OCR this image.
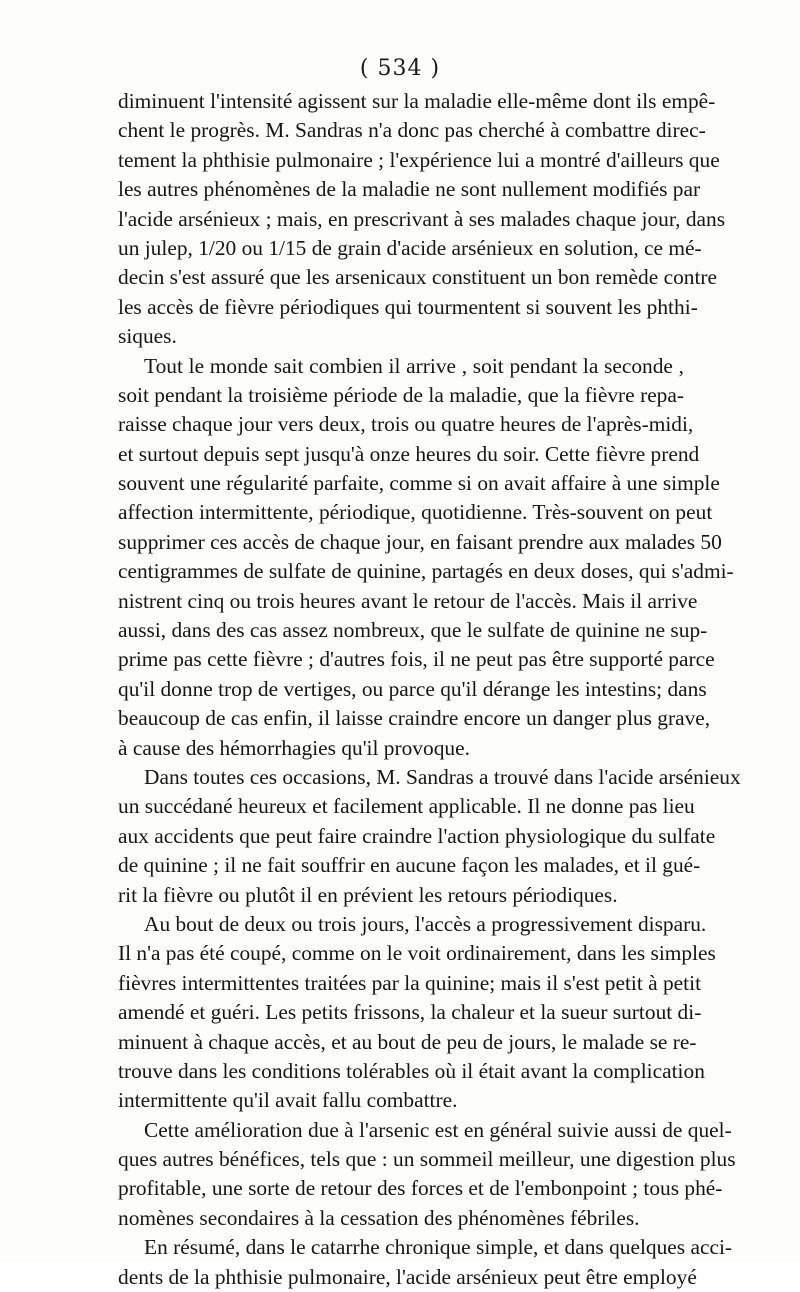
( 534 )
diminuent l'intensité agissent sur la maladie elle-même dont ils empê-
chent le progrès. M. Sandras n'a donc pas cherché à combattre direc-
tement la phthisie pulmonaire ; l'expérience lui a montré d'ailleurs que
les autres phénomènes de la maladie ne sont nullement modifiés par
l'acide arsénieux ; mais, en prescrivant à ses malades chaque jour, dans
un julep, 1/20 ou 1/15 de grain d'acide arsénieux en solution, ce mé-
decin s'est assuré que les arsenicaux constituent un bon remède contre
les accès de fièvre périodiques qui tourmentent si souvent les phthi-
siques.
Tout le monde sait combien il arrive , soit pendant la seconde ,
soit pendant la troisième période de la maladie, que la fièvre repa-
raisse chaque jour vers deux, trois ou quatre heures de l'après-midi,
et surtout depuis sept jusqu'à onze heures du soir. Cette fièvre prend
souvent une régularité parfaite, comme si on avait affaire à une simple
affection intermittente, périodique, quotidienne. Très-souvent on peut
supprimer ces accès de chaque jour, en faisant prendre aux malades 50
centigrammes de sulfate de quinine, partagés en deux doses, qui s'admi-
nistrent cinq ou trois heures avant le retour de l'accès. Mais il arrive
aussi, dans des cas assez nombreux, que le sulfate de quinine ne sup-
prime pas cette fièvre ; d'autres fois, il ne peut pas être supporté parce
qu'il donne trop de vertiges, ou parce qu'il dérange les intestins; dans
beaucoup de cas enfin, il laisse craindre encore un danger plus grave,
à cause des hémorrhagies qu'il provoque.
Dans toutes ces occasions, M. Sandras a trouvé dans l'acide arsénieux
un succédané heureux et facilement applicable. Il ne donne pas lieu
aux accidents que peut faire craindre l'action physiologique du sulfate
de quinine ; il ne fait souffrir en aucune façon les malades, et il gué-
rit la fièvre ou plutôt il en prévient les retours périodiques.
Au bout de deux ou trois jours, l'accès a progressivement disparu.
Il n'a pas été coupé, comme on le voit ordinairement, dans les simples
fièvres intermittentes traitées par la quinine; mais il s'est petit à petit
amendé et guéri. Les petits frissons, la chaleur et la sueur surtout di-
minuent à chaque accès, et au bout de peu de jours, le malade se re-
trouve dans les conditions tolérables où il était avant la complication
intermittente qu'il avait fallu combattre.
Cette amélioration due à l'arsenic est en général suivie aussi de quel-
ques autres bénéfices, tels que : un sommeil meilleur, une digestion plus
profitable, une sorte de retour des forces et de l'embonpoint ; tous phé-
nomènes secondaires à la cessation des phénomènes fébriles.
En résumé, dans le catarrhe chronique simple, et dans quelques acci-
dents de la phthisie pulmonaire, l'acide arsénieux peut être employé
